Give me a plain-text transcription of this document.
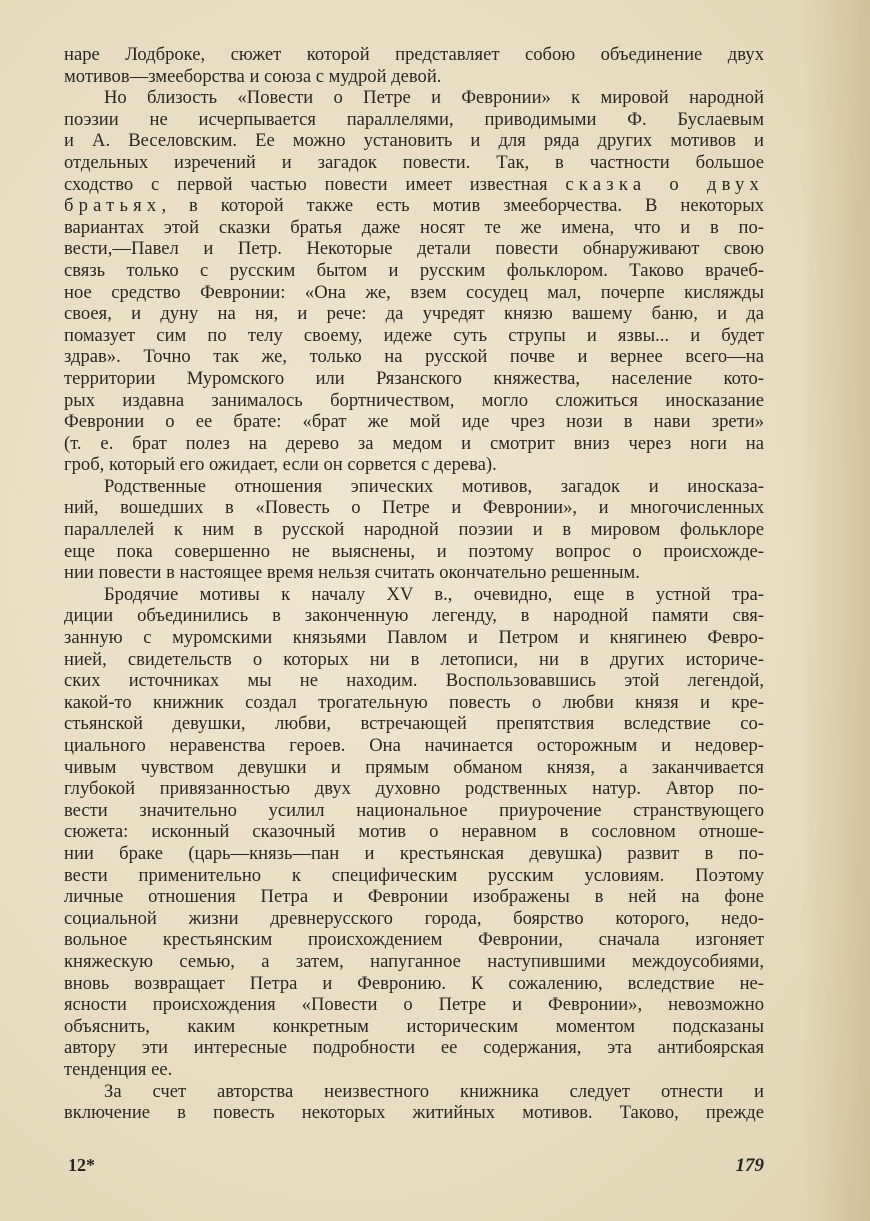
наре Лодброке, сюжет которой представляет собою объединение двух
мотивов—змееборства и союза с мудрой девой.
Но близость «Повести о Петре и Февронии» к мировой народной
поэзии не исчерпывается параллелями, приводимыми Ф. Буслаевым
и А. Веселовским. Ее можно установить и для ряда других мотивов и
отдельных изречений и загадок повести. Так, в частности большое
сходство с первой частью повести имеет известная сказка о двух
братьях, в которой также есть мотив змееборчества. В некоторых
вариантах этой сказки братья даже носят те же имена, что и в по-
вести,—Павел и Петр. Некоторые детали повести обнаруживают свою
связь только с русским бытом и русским фольклором. Таково врачеб-
ное средство Февронии: «Она же, взем сосудец мал, почерпе кисляжды
своея, и дуну на ня, и рече: да учредят князю вашему баню, и да
помазует сим по телу своему, идеже суть струпы и язвы... и будет
здрав». Точно так же, только на русской почве и вернее всего—на
территории Муромского или Рязанского княжества, население кото-
рых издавна занималось бортничеством, могло сложиться иносказание
Февронии о ее брате: «брат же мой иде чрез нози в нави зрети»
(т. е. брат полез на дерево за медом и смотрит вниз через ноги на
гроб, который его ожидает, если он сорвется с дерева).
Родственные отношения эпических мотивов, загадок и иносказа-
ний, вошедших в «Повесть о Петре и Февронии», и многочисленных
параллелей к ним в русской народной поэзии и в мировом фольклоре
еще пока совершенно не выяснены, и поэтому вопрос о происхожде-
нии повести в настоящее время нельзя считать окончательно решенным.
Бродячие мотивы к началу XV в., очевидно, еще в устной тра-
диции объединились в законченную легенду, в народной памяти свя-
занную с муромскими князьями Павлом и Петром и княгинею Февро-
нией, свидетельств о которых ни в летописи, ни в других историче-
ских источниках мы не находим. Воспользовавшись этой легендой,
какой-то книжник создал трогательную повесть о любви князя и кре-
стьянской девушки, любви, встречающей препятствия вследствие со-
циального неравенства героев. Она начинается осторожным и недовер-
чивым чувством девушки и прямым обманом князя, а заканчивается
глубокой привязанностью двух духовно родственных натур. Автор по-
вести значительно усилил национальное приурочение странствующего
сюжета: исконный сказочный мотив о неравном в сословном отноше-
нии браке (царь—князь—пан и крестьянская девушка) развит в по-
вести применительно к специфическим русским условиям. Поэтому
личные отношения Петра и Февронии изображены в ней на фоне
социальной жизни древнерусского города, боярство которого, недо-
вольное крестьянским происхождением Февронии, сначала изгоняет
княжескую семью, а затем, напуганное наступившими междоусобиями,
вновь возвращает Петра и Февронию. К сожалению, вследствие не-
ясности происхождения «Повести о Петре и Февронии», невозможно
объяснить, каким конкретным историческим моментом подсказаны
автору эти интересные подробности ее содержания, эта антибоярская
тенденция ее.
За счет авторства неизвестного книжника следует отнести и
включение в повесть некоторых житийных мотивов. Таково, прежде
12*	179
